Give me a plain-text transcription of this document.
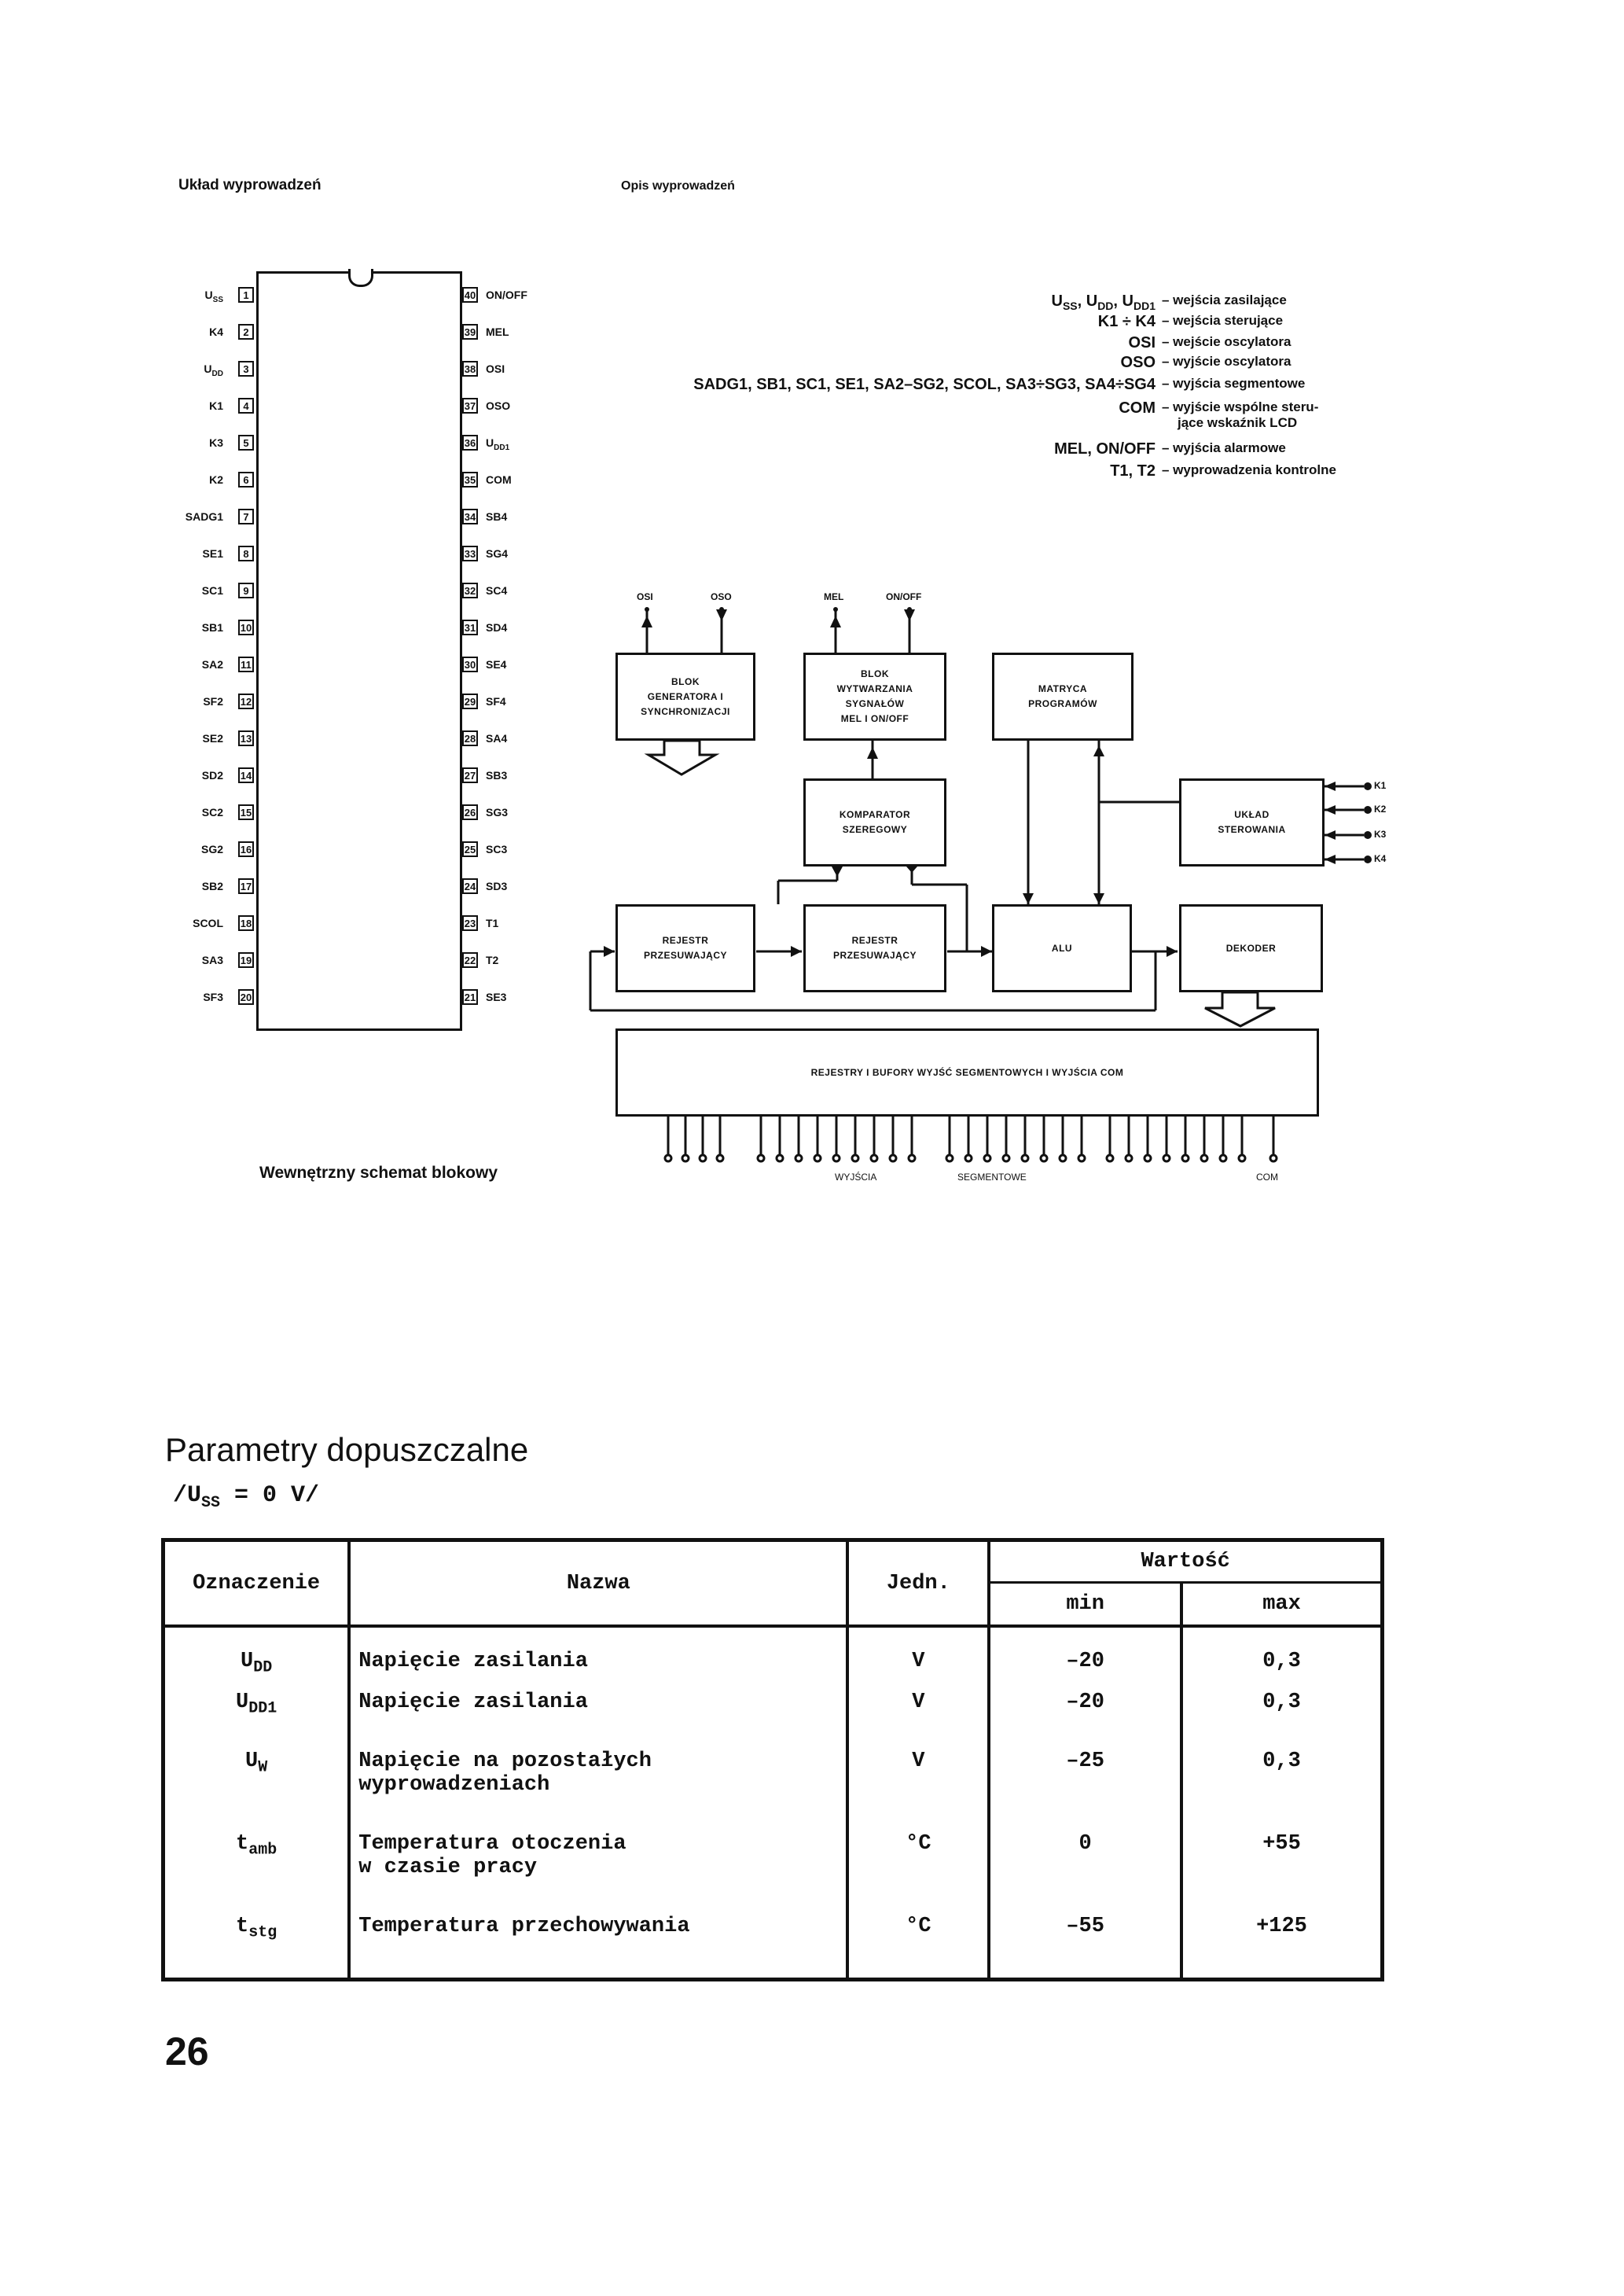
Układ wyprowadzeń	Opis wyprowadzeń
$U_{SS}$	1
K4	2
$U_{DD}$	3
K1	4
K3	5
K2	6
SADG1	7
SE1	8
SC1	9
SB1 10
SA2 11
SF2 12
SE2 13
SD2 14
SC2 15
SG2 16
SB2 17
SCOL 18
SA3 19
SF3 20
40 ON/OFF
39 MEL
38 OSI
37 OSO
36 $U_{DD1}$
35 COM
34 SB4
33 SG4
32 SC4
31 SD4
30 SE4
29 SF4
28 SA4
27 SB3
26 SG3
25 SC3
24 SD3
23 T1
22 T2
21 SE3
$U_{SS}$, $U_{DD}$, $U_{DD1}$ – wejścia zasilające
K1 ÷ K4 – wejścia sterujące
OSI – wejście oscylatora
OSO – wyjście oscylatora
SADG1, SB1, SC1, SE1, SA2–SG2, SCOL, SA3÷SG3, SA4÷SG4 – wyjścia segmentowe
COM – wyjście wspólne steru-
jące wskaźnik LCD
MEL, ON/OFF – wyjścia alarmowe
T1, T2 – wyprowadzenia kontrolne
OSI	OSO	MEL	ON/OFF
K1
K2
K3
K4
BLOK
GENERATORA I
SYNCHRONIZACJI
BLOK
WYTWARZANIA
SYGNAŁÓW
MEL I ON/OFF
MATRYCA
PROGRAMÓW
KOMPARATOR
SZEREGOWY
UKŁAD
STEROWANIA
REJESTR
PRZESUWAJĄCY
REJESTR
PRZESUWAJĄCY
ALU	DEKODER
REJESTRY I BUFORY WYJŚĆ SEGMENTOWYCH I WYJŚCIA COM
WYJŚCIA	SEGMENTOWE	COM
Wewnętrzny schemat blokowy
Parametry dopuszczalne
$/U_{SS} = 0$ V/
Oznaczenie	Nazwa	Jedn.	Wartość	
			min	max
$U_{DD}$	Napięcie zasilania	V	–20	0,3
$U_{DD1}$	Napięcie zasilania	V	–20	0,3
$U_W$	Napięcie na pozostałych
wyprowadzeniach	V	–25	0,3
$t_{amb}$	Temperatura otoczenia
w czasie pracy	°C	0	+55
$t_{stg}$	Temperatura przechowywania	°C	–55	+125
26
